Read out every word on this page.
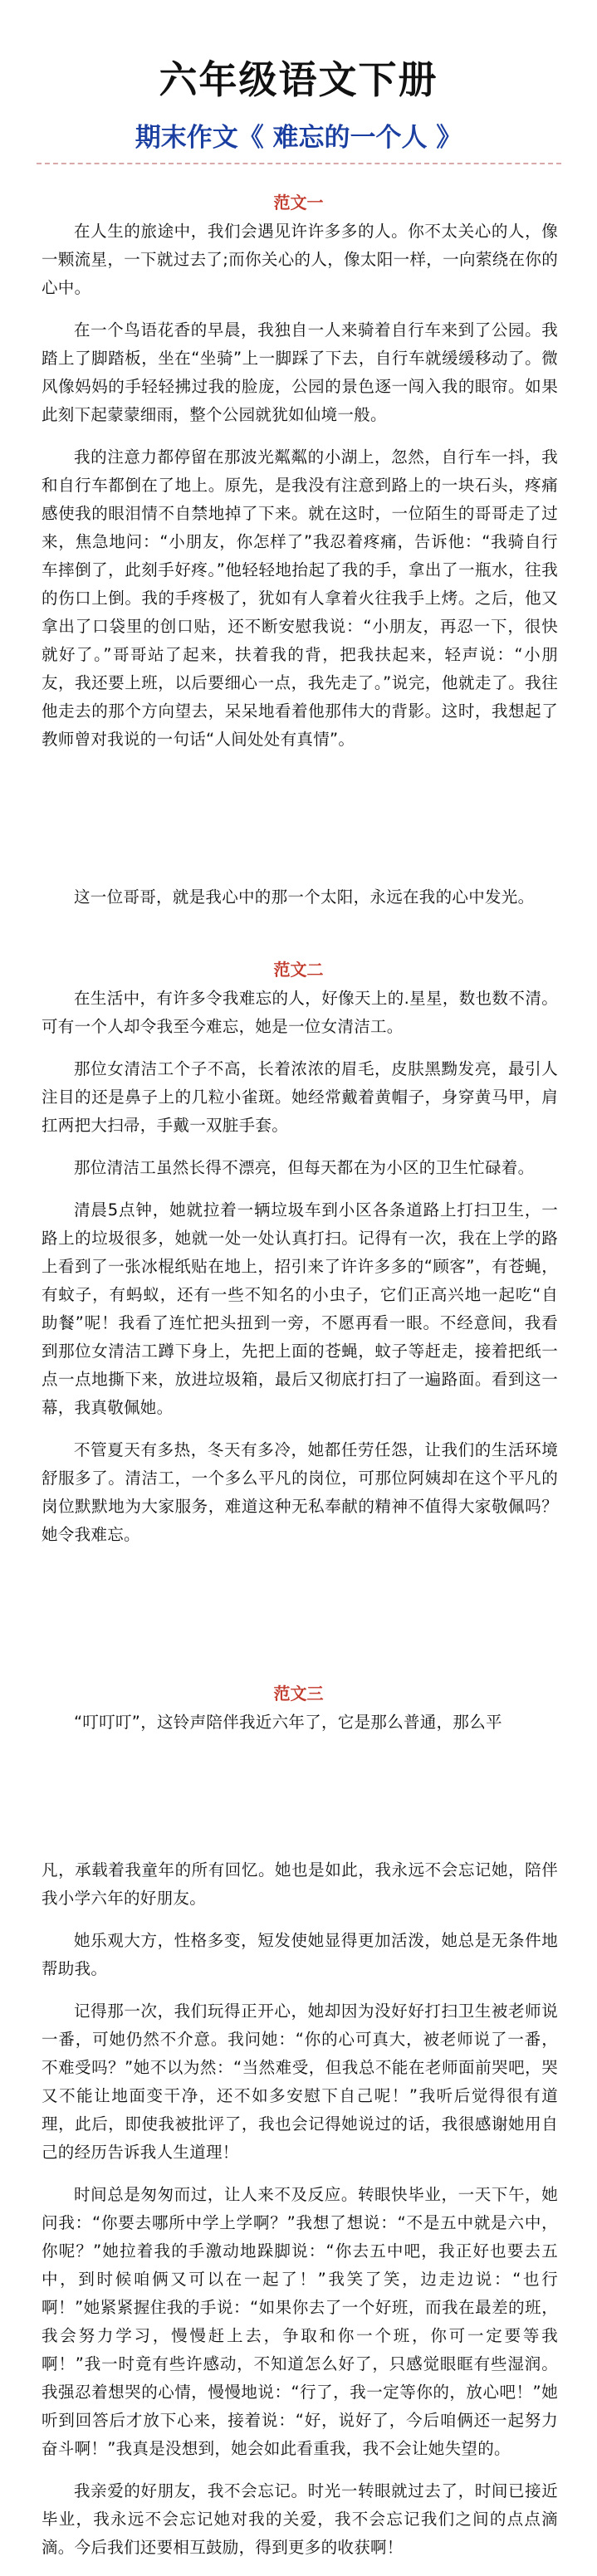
六年级语文下册
期末作文《 难忘的一个人 》
范文一

在人生的旅途中，我们会遇见许许多多的人。你不太关心的人，像一颗流星，一下就过去了;而你关心的人，像太阳一样，一向萦绕在你的心中。

在一个鸟语花香的早晨，我独自一人来骑着自行车来到了公园。我踏上了脚踏板，坐在“坐骑”上一脚踩了下去，自行车就缓缓移动了。微风像妈妈的手轻轻拂过我的脸庞，公园的景色逐一闯入我的眼帘。如果此刻下起蒙蒙细雨，整个公园就犹如仙境一般。

我的注意力都停留在那波光粼粼的小湖上，忽然，自行车一抖，我和自行车都倒在了地上。原先，是我没有注意到路上的一块石头，疼痛感使我的眼泪情不自禁地掉了下来。就在这时，一位陌生的哥哥走了过来，焦急地问：“小朋友，你怎样了”我忍着疼痛，告诉他：“我骑自行车摔倒了，此刻手好疼。”他轻轻地抬起了我的手，拿出了一瓶水，往我的伤口上倒。我的手疼极了，犹如有人拿着火往我手上烤。之后，他又拿出了口袋里的创口贴，还不断安慰我说：“小朋友，再忍一下，很快就好了。”哥哥站了起来，扶着我的背，把我扶起来，轻声说：“小朋友，我还要上班，以后要细心一点，我先走了。”说完，他就走了。我往他走去的那个方向望去，呆呆地看着他那伟大的背影。这时，我想起了教师曾对我说的一句话“人间处处有真情”。

这一位哥哥，就是我心中的那一个太阳，永远在我的心中发光。

范文二

在生活中，有许多令我难忘的人，好像天上的.星星，数也数不清。可有一个人却令我至今难忘，她是一位女清洁工。

那位女清洁工个子不高，长着浓浓的眉毛，皮肤黑黝发亮，最引人注目的还是鼻子上的几粒小雀斑。她经常戴着黄帽子，身穿黄马甲，肩扛两把大扫帚，手戴一双脏手套。

那位清洁工虽然长得不漂亮，但每天都在为小区的卫生忙碌着。

清晨5点钟，她就拉着一辆垃圾车到小区各条道路上打扫卫生，一路上的垃圾很多，她就一处一处认真打扫。记得有一次，我在上学的路上看到了一张冰棍纸贴在地上，招引来了许许多多的“顾客”，有苍蝇，有蚊子，有蚂蚁，还有一些不知名的小虫子，它们正高兴地一起吃“自助餐”呢！我看了连忙把头扭到一旁，不愿再看一眼。不经意间，我看到那位女清洁工蹲下身上，先把上面的苍蝇，蚊子等赶走，接着把纸一点一点地撕下来，放进垃圾箱，最后又彻底打扫了一遍路面。看到这一幕，我真敬佩她。

不管夏天有多热，冬天有多冷，她都任劳任怨，让我们的生活环境舒服多了。清洁工，一个多么平凡的岗位，可那位阿姨却在这个平凡的岗位默默地为大家服务，难道这种无私奉献的精神不值得大家敬佩吗？她令我难忘。

范文三

“叮叮叮”，这铃声陪伴我近六年了，它是那么普通，那么平

凡，承载着我童年的所有回忆。她也是如此，我永远不会忘记她，陪伴我小学六年的好朋友。

她乐观大方，性格多变，短发使她显得更加活泼，她总是无条件地帮助我。

记得那一次，我们玩得正开心，她却因为没好好打扫卫生被老师说一番，可她仍然不介意。我问她：“你的心可真大，被老师说了一番，不难受吗？”她不以为然：“当然难受，但我总不能在老师面前哭吧，哭又不能让地面变干净，还不如多安慰下自己呢！”我听后觉得很有道理，此后，即使我被批评了，我也会记得她说过的话，我很感谢她用自己的经历告诉我人生道理！

时间总是匆匆而过，让人来不及反应。转眼快毕业，一天下午，她问我：“你要去哪所中学上学啊？”我想了想说：“不是五中就是六中，你呢？”她拉着我的手激动地跺脚说：“你去五中吧，我正好也要去五中，到时候咱俩又可以在一起了！”我笑了笑，边走边说：“也行啊！”她紧紧握住我的手说：“如果你去了一个好班，而我在最差的班，我会努力学习，慢慢赶上去，争取和你一个班，你可一定要等我啊！”我一时竟有些许感动，不知道怎么好了，只感觉眼眶有些湿润。我强忍着想哭的心情，慢慢地说：“行了，我一定等你的，放心吧！”她听到回答后才放下心来，接着说：“好，说好了，今后咱俩还一起努力奋斗啊！”我真是没想到，她会如此看重我，我不会让她失望的。

我亲爱的好朋友，我不会忘记。时光一转眼就过去了，时间已接近毕业，我永远不会忘记她对我的关爱，我不会忘记我们之间的点点滴滴。今后我们还要相互鼓励，得到更多的收获啊！
